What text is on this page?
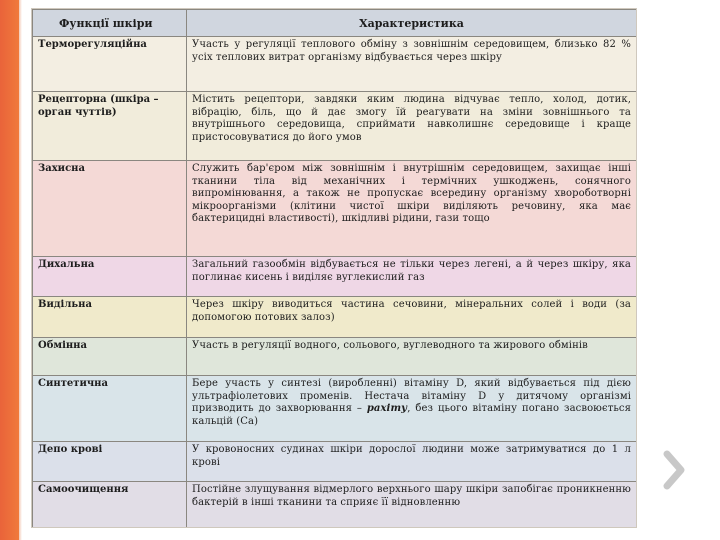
Функції шкіри	Характеристика
Терморегуляційна	Участь у регуляції теплового обміну з зовнішнім середовищем, близько 82 % усіх теплових витрат організму відбувається через шкіру
Рецепторна (шкіра – орган чуттів)	Містить рецептори, завдяки яким людина відчуває тепло, холод, дотик, вібрацію, біль, що й дає змогу їй реагувати на зміни зовнішнього та внутрішнього середовища, сприймати навколишнє середовище і краще пристосовуватися до його умов
Захисна	Служить бар'єром між зовнішнім і внутрішнім середовищем, захищає інші тканини тіла від механічних і термічних ушкоджень, сонячного випромінювання, а також не пропускає всередину організму хвороботворні мікроорганізми (клітини чистої шкіри виділяють речовину, яка має бактерицидні властивості), шкідливі рідини, гази тощо
Дихальна	Загальний газообмін відбувається не тільки через легені, а й через шкіру, яка поглинає кисень і виділяє вуглекислий газ
Видільна	Через шкіру виводиться частина сечовини, мінеральних солей і води (за допомогою потових залоз)
Обмінна	Участь в регуляції водного, сольового, вуглеводного та жирового обмінів
Синтетична	Бере участь у синтезі (виробленні) вітаміну D, який відбувається під дією ультрафіолетових променів. Нестача вітаміну D у дитячому організмі призводить до захворювання – рахіту, без цього вітаміну погано засвоюється кальцій (Са)
Депо крові	У кровоносних судинах шкіри дорослої людини може затримуватися до 1 л крові
Самоочищення	Постійне злущування відмерлого верхнього шару шкіри запобігає проникненню бактерій в інші тканини та сприяє її відновленню
